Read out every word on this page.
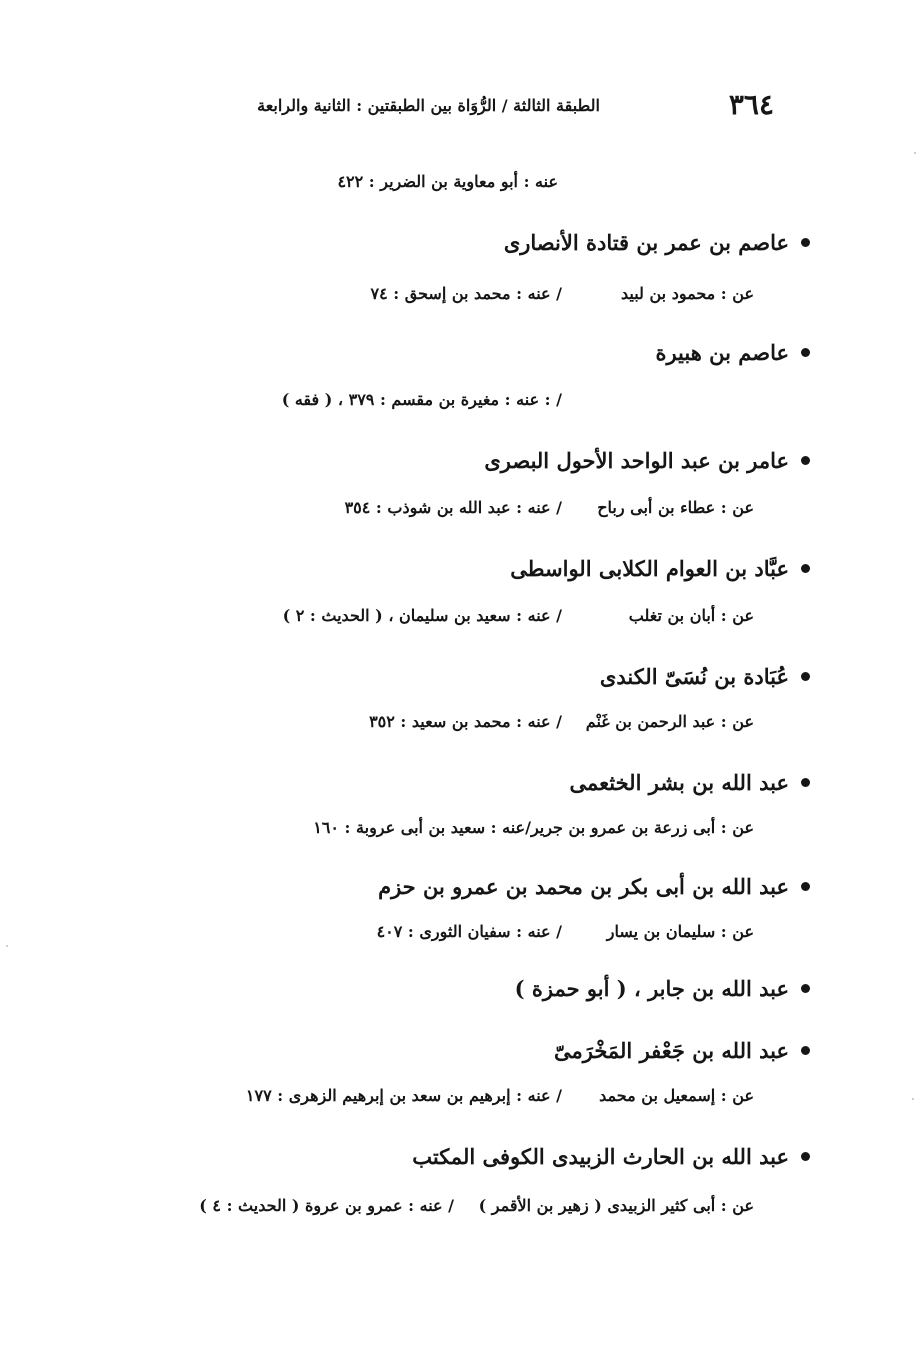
٣٦٤
الطبقة الثالثة / الرُّوَاة بين الطبقتين : الثانية والرابعة
عنه : أبو معاوية بن الضرير : ٤٢٢
عاصم بن عمر بن قتادة الأنصارى
عن : محمود بن لبيد
/ عنه : محمد بن إسحق : ٧٤
عاصم بن هبيرة
/ : عنه : مغيرة بن مقسم : ٣٧٩ ، ( فقه )
عامر بن عبد الواحد الأحول البصرى
عن : عطاء بن أبى رباح
/ عنه : عبد الله بن شوذب : ٣٥٤
عبَّاد بن العوام الكلابى الواسطى
عن : أبان بن تغلب
/ عنه : سعيد بن سليمان ، ( الحديث : ٢ )
عُبَادة بن نُسَىّ الكندى
عن : عبد الرحمن بن غَنْم
/ عنه : محمد بن سعيد : ٣٥٢
عبد الله بن بشر الخثعمى
عن : أبى زرعة بن عمرو بن جرير/عنه : سعيد بن أبى عروبة : ١٦٠
عبد الله بن أبى بكر بن محمد بن عمرو بن حزم
عن : سليمان بن يسار
/ عنه : سفيان الثورى : ٤٠٧
عبد الله بن جابر ، ( أبو حمزة )
عبد الله بن جَعْفر المَخْرَمىّ
عن : إسمعيل بن محمد
/ عنه : إبرهيم بن سعد بن إبرهيم الزهرى : ١٧٧
عبد الله بن الحارث الزبيدى الكوفى المكتب
عن : أبى كثير الزبيدى ( زهير بن الأقمر )
/ عنه : عمرو بن عروة ( الحديث : ٤ )
